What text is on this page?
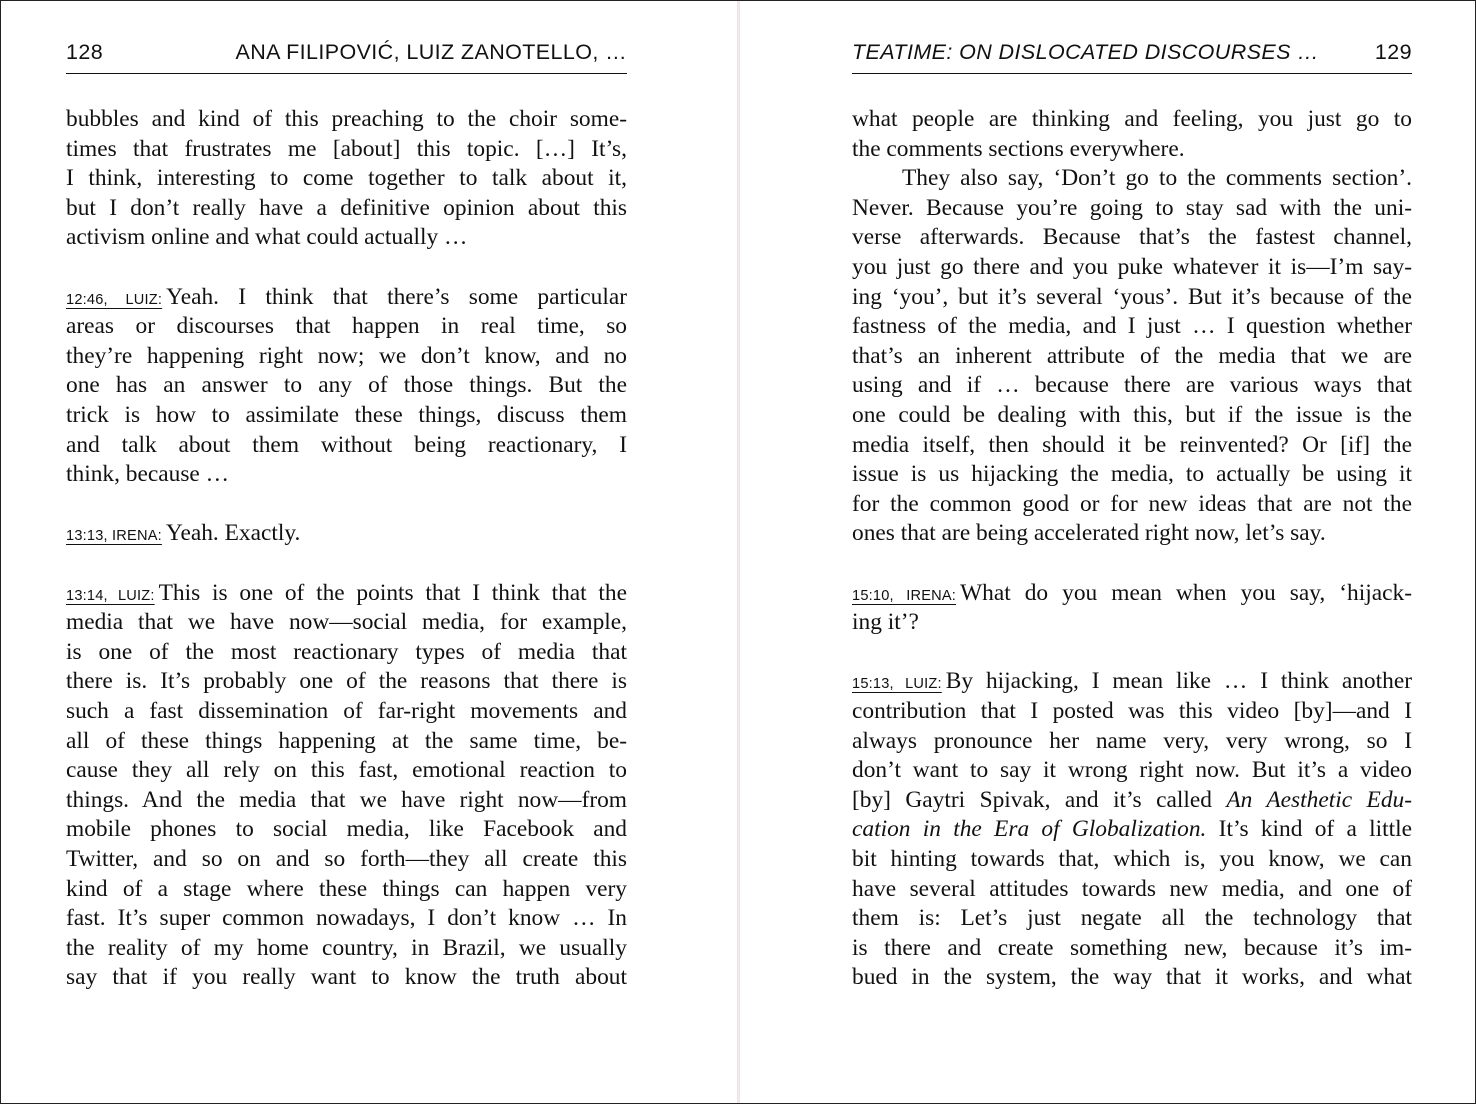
128	ANA FILIPOVIĆ, LUIZ ZANOTELLO, …
bubbles and kind of this preaching to the choir some-
times that frustrates me [about] this topic. […] It’s,
I think, interesting to come together to talk about it,
but I don’t really have a definitive opinion about this
activism online and what could actually …
12:46, LUIZ: Yeah. I think that there’s some particular
areas or discourses that happen in real time, so
they’re happening right now; we don’t know, and no
one has an answer to any of those things. But the
trick is how to assimilate these things, discuss them
and talk about them without being reactionary, I
think, because …
13:13, IRENA: Yeah. Exactly.
13:14, LUIZ: This is one of the points that I think that the
media that we have now—social media, for example,
is one of the most reactionary types of media that
there is. It’s probably one of the reasons that there is
such a fast dissemination of far-right movements and
all of these things happening at the same time, be-
cause they all rely on this fast, emotional reaction to
things. And the media that we have right now—from
mobile phones to social media, like Facebook and
Twitter, and so on and so forth—they all create this
kind of a stage where these things can happen very
fast. It’s super common nowadays, I don’t know … In
the reality of my home country, in Brazil, we usually
say that if you really want to know the truth about
TEATIME: ON DISLOCATED DISCOURSES …	129
what people are thinking and feeling, you just go to
the comments sections everywhere.
They also say, ‘Don’t go to the comments section’.
Never. Because you’re going to stay sad with the uni-
verse afterwards. Because that’s the fastest channel,
you just go there and you puke whatever it is—I’m say-
ing ‘you’, but it’s several ‘yous’. But it’s because of the
fastness of the media, and I just … I question whether
that’s an inherent attribute of the media that we are
using and if … because there are various ways that
one could be dealing with this, but if the issue is the
media itself, then should it be reinvented? Or [if] the
issue is us hijacking the media, to actually be using it
for the common good or for new ideas that are not the
ones that are being accelerated right now, let’s say.
15:10, IRENA: What do you mean when you say, ‘hijack-
ing it’?
15:13, LUIZ: By hijacking, I mean like … I think another
contribution that I posted was this video [by]—and I
always pronounce her name very, very wrong, so I
don’t want to say it wrong right now. But it’s a video
[by] Gaytri Spivak, and it’s called An Aesthetic Edu-
cation in the Era of Globalization. It’s kind of a little
bit hinting towards that, which is, you know, we can
have several attitudes towards new media, and one of
them is: Let’s just negate all the technology that
is there and create something new, because it’s im-
bued in the system, the way that it works, and what
